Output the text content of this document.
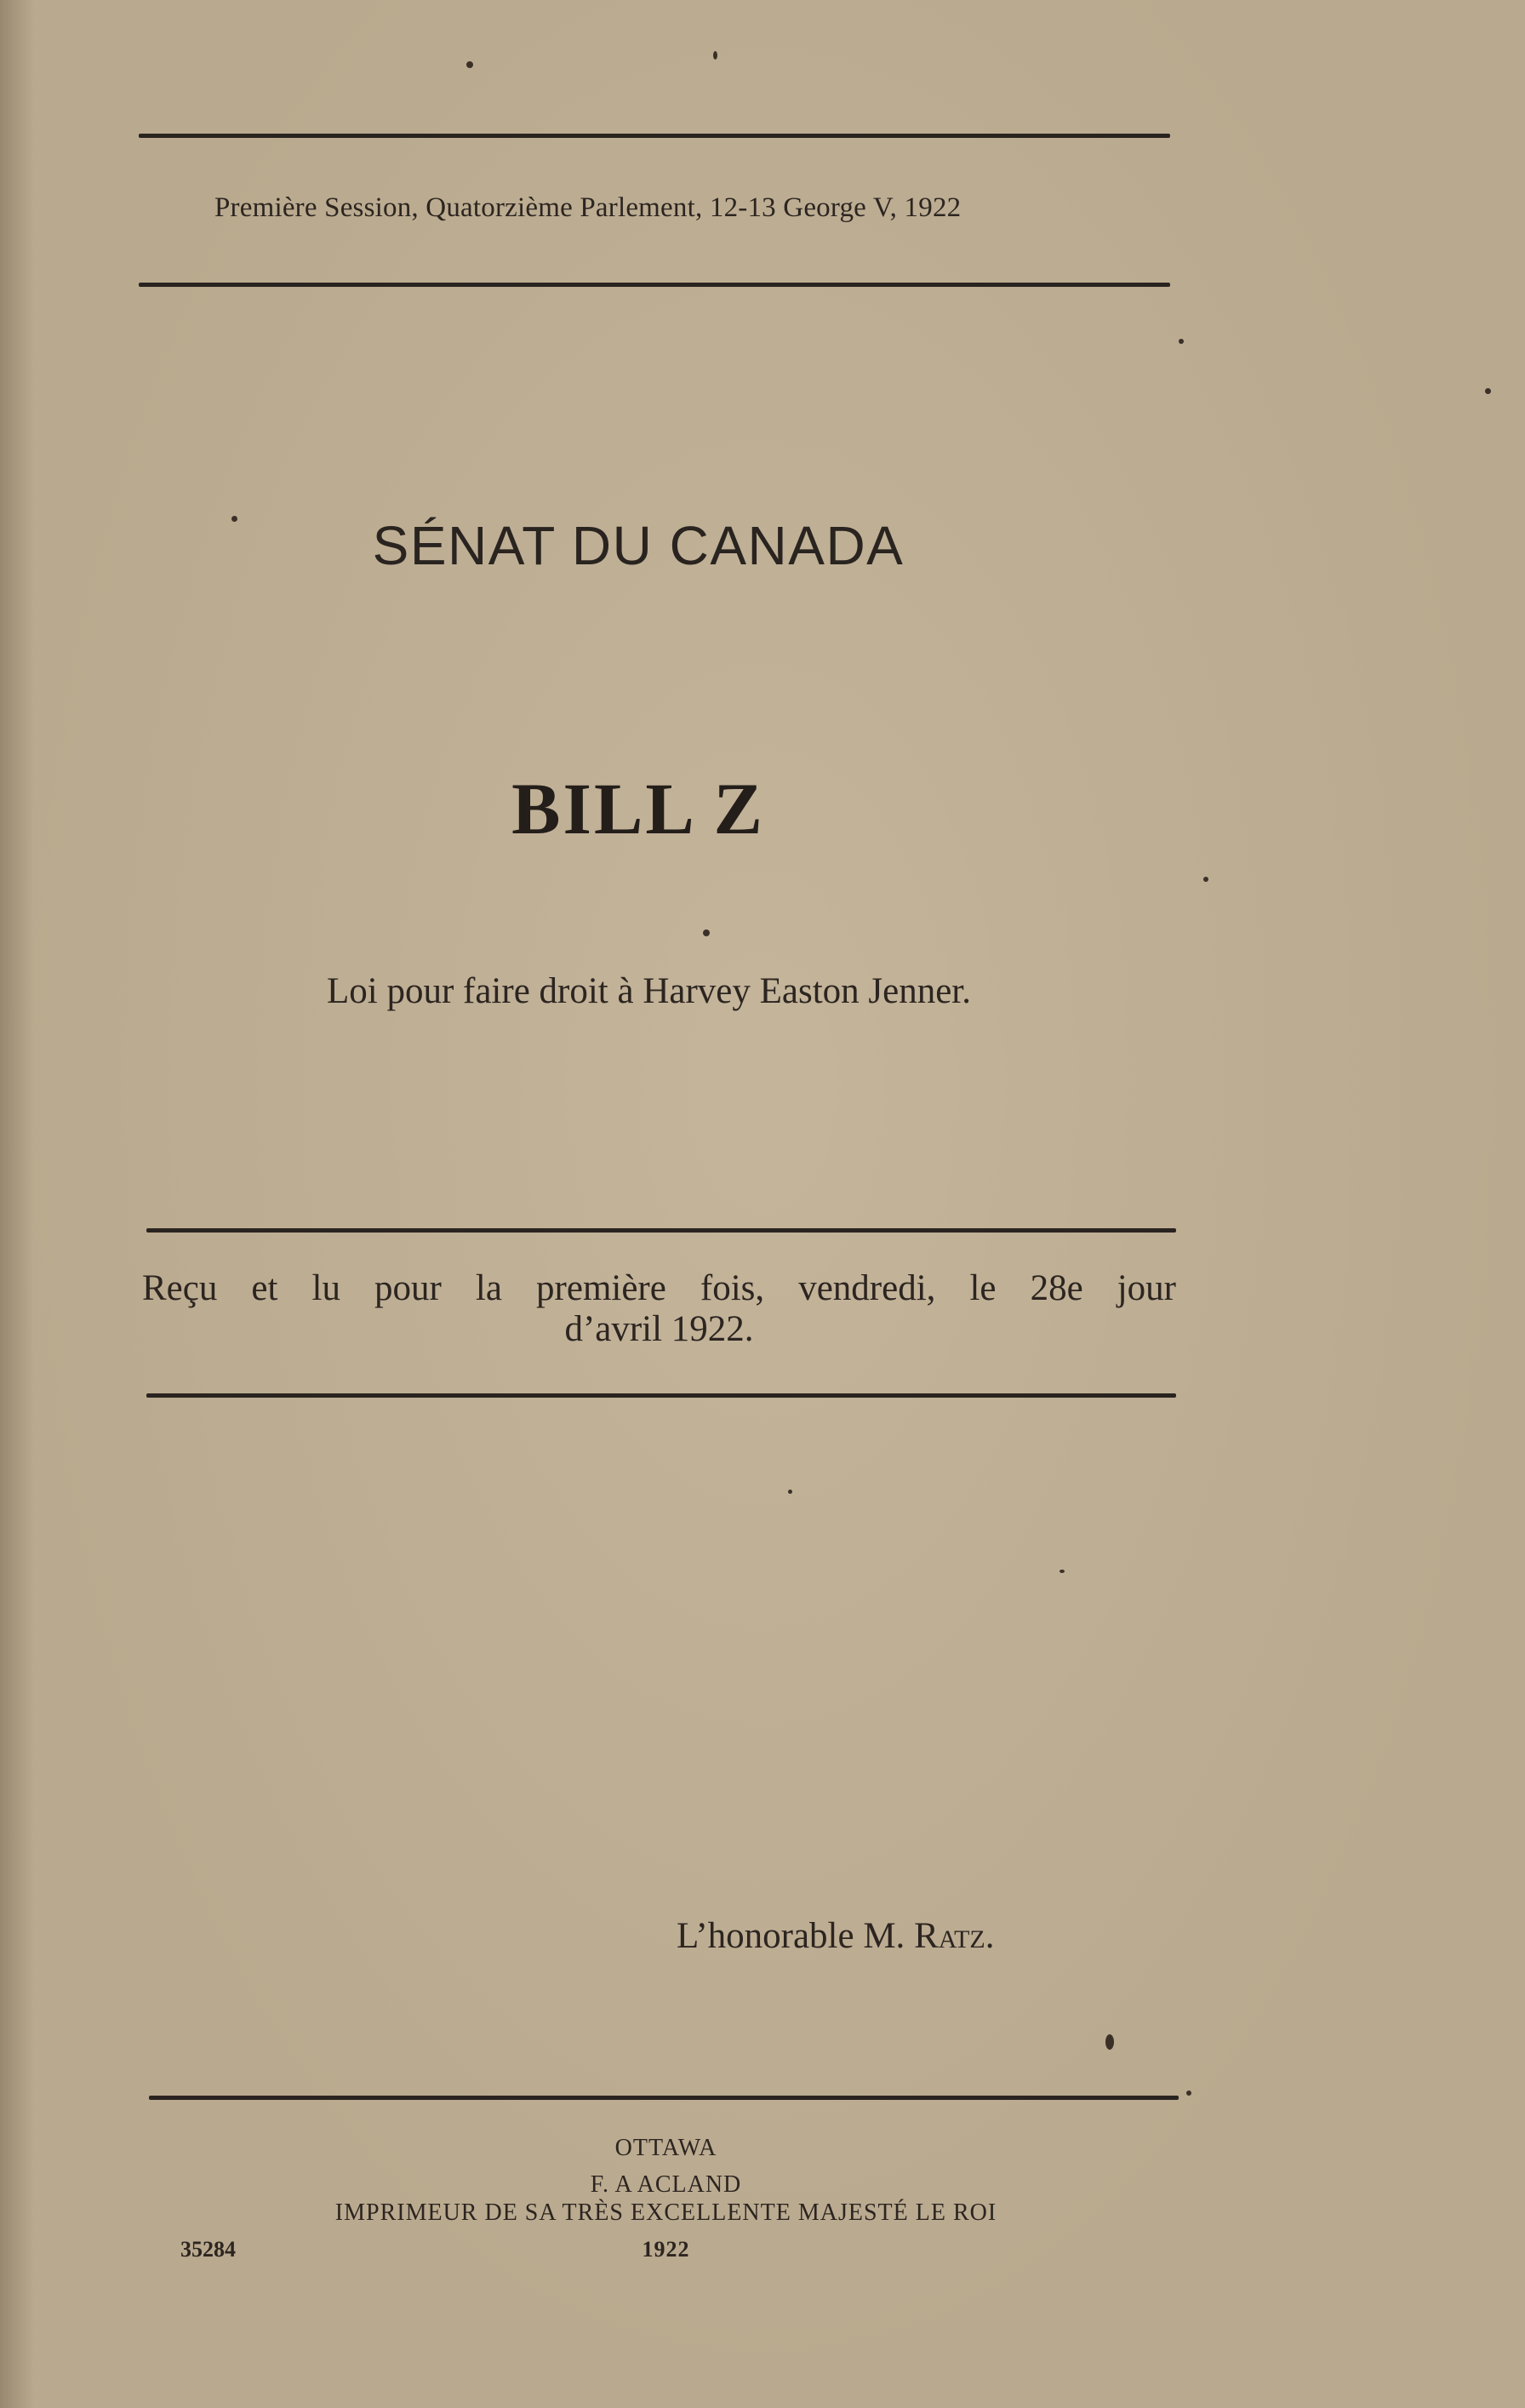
Première Session, Quatorzième Parlement, 12-13 George V, 1922
SÉNAT DU CANADA
BILL Z
Loi pour faire droit à Harvey Easton Jenner.
Reçu et lu pour la première fois, vendredi, le 28e jour
d’avril 1922.
L’honorable M. Ratz.
OTTAWA
F. A ACLAND
IMPRIMEUR DE SA TRÈS EXCELLENTE MAJESTÉ LE ROI
35284	1922
